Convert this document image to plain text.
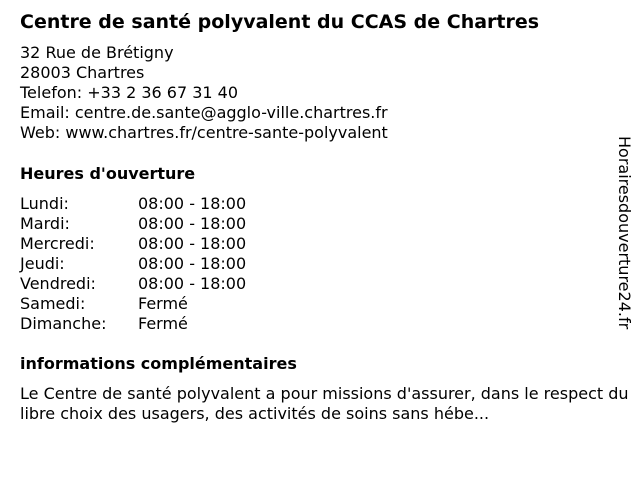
Centre de santé polyvalent du CCAS de Chartres
32 Rue de Brétigny
28003 Chartres
Telefon: +33 2 36 67 31 40
Email: centre.de.sante@agglo-ville.chartres.fr
Web: www.chartres.fr/centre-sante-polyvalent
Heures d'ouverture
Lundi:	08:00 - 18:00
Mardi:	08:00 - 18:00
Mercredi:	08:00 - 18:00
Jeudi:	08:00 - 18:00
Vendredi:	08:00 - 18:00
Samedi:	Fermé
Dimanche: Fermé
informations complémentaires
Le Centre de santé polyvalent a pour missions d'assurer, dans le respect du libre choix des usagers, des activités de soins sans hébe...
Horairesdouverture24.fr
